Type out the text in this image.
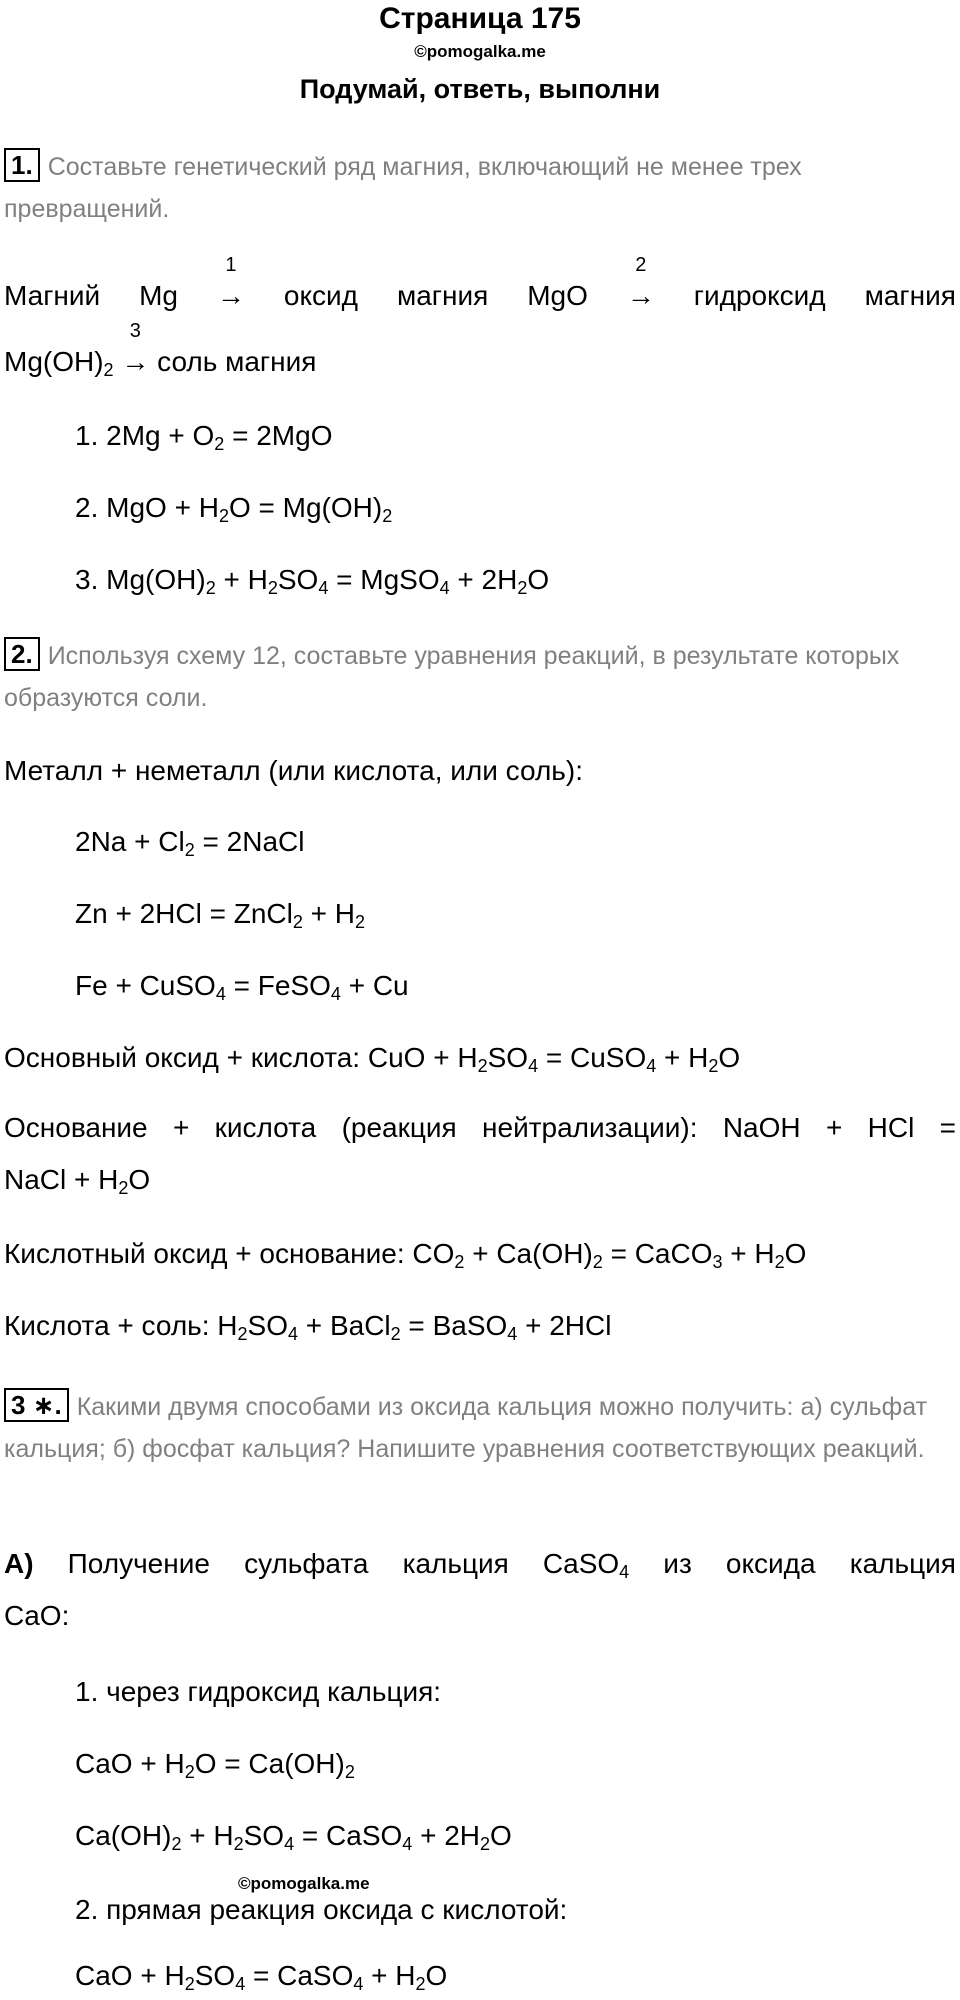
Страница 175
©pomogalka.me
Подумай, ответь, выполни
1. Составьте генетический ряд магния, включающий не менее трех превращений.
Магний Mg
1
→ оксид магния MgO
2
→ гидроксид магния
$Mg(OH)_2$
3
→ соль магния
1. $2Mg + O_2 = 2MgO$
2. MgO + $H_2O = Mg(OH)_2$
3. $Mg(OH)_2 + H_2SO_4$ = MgSO$_4$ + $2H_2O$
2. Используя схему 12, составьте уравнения реакций, в результате которых образуются соли.
Металл + неметалл (или кислота, или соль):
$2Na + Cl_2$ = 2NaCl
Zn + 2HCl = ZnCl$_2$ + $H_2$
Fe + CuSO$_4$ = FeSO$_4$ + Cu
Основный оксид + кислота: CuO + $H_2SO_4$ = CuSO$_4$ + $H_2O$
Основание + кислота (реакция нейтрализации): NaOH + HCl =
NaCl + $H_2O$
Кислотный оксид + основание: $CO_2 + Ca(OH)_2$ = CaCO$_3$ + $H_2O$
Кислота + соль: $H_2SO_4$ + BaCl$_2$ = BaSO$_4$ + 2HCl
3 ∗. Какими двумя способами из оксида кальция можно получить: а) сульфат кальция; б) фосфат кальция? Напишите уравнения соответствующих реакций.
А) Получение сульфата кальция CaSO$_4$ из оксида кальция
CaO:
1. через гидроксид кальция:
CaO + $H_2O = Ca(OH)_2$
$Ca(OH)_2 + H_2SO_4$ = CaSO$_4$ + $2H_2O$
©pomogalka.me
2. прямая реакция оксида с кислотой:
CaO + $H_2SO_4$ = CaSO$_4$ + $H_2O$
